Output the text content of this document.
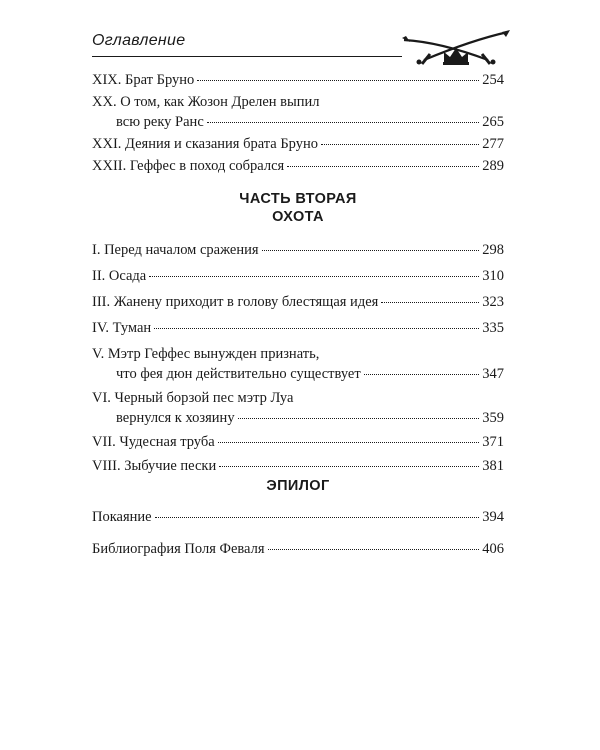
Оглавление
XIX. Брат Бруно	254
XX. О том, как Жозон Дрелен выпил
всю реку Ранс	265
XXI. Деяния и сказания брата Бруно	277
XXII. Геффес в поход собрался	289
ЧАСТЬ ВТОРАЯ
ОХОТА
I. Перед началом сражения	298
II. Осада	310
III. Жанену приходит в голову блестящая идея	323
IV. Туман	335
V. Мэтр Геффес вынужден признать,
что фея дюн действительно существует	347
VI. Черный борзой пес мэтр Луа
вернулся к хозяину	359
VII. Чудесная труба	371
VIII. Зыбучие пески	381
ЭПИЛОГ
Покаяние	394
Библиография Поля Феваля	406
